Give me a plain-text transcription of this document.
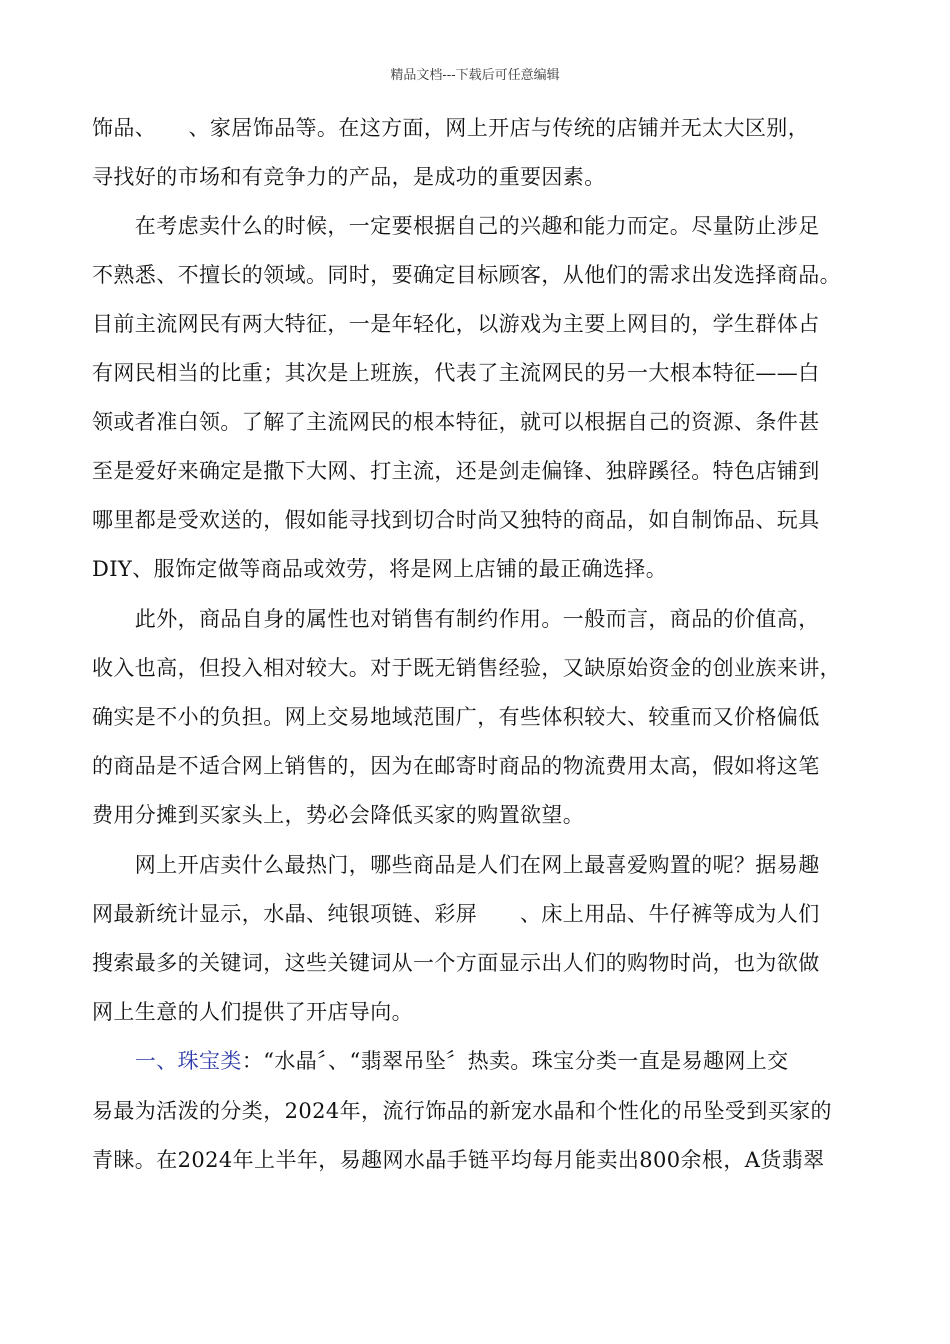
精品文档---下载后可任意编辑
饰品、　　、家居饰品等。在这方面，网上开店与传统的店铺并无太大区别，
寻找好的市场和有竞争力的产品，是成功的重要因素。
　　在考虑卖什么的时候，一定要根据自己的兴趣和能力而定。尽量防止涉足
不熟悉、不擅长的领域。同时，要确定目标顾客，从他们的需求出发选择商品。
目前主流网民有两大特征，一是年轻化，以游戏为主要上网目的，学生群体占
有网民相当的比重；其次是上班族，代表了主流网民的另一大根本特征——白
领或者准白领。了解了主流网民的根本特征，就可以根据自己的资源、条件甚
至是爱好来确定是撒下大网、打主流，还是剑走偏锋、独辟蹊径。特色店铺到
哪里都是受欢送的，假如能寻找到切合时尚又独特的商品，如自制饰品、玩具
DIY、服饰定做等商品或效劳，将是网上店铺的最正确选择。
　　此外，商品自身的属性也对销售有制约作用。一般而言，商品的价值高，
收入也高，但投入相对较大。对于既无销售经验，又缺原始资金的创业族来讲，
确实是不小的负担。网上交易地域范围广，有些体积较大、较重而又价格偏低
的商品是不适合网上销售的，因为在邮寄时商品的物流费用太高，假如将这笔
费用分摊到买家头上，势必会降低买家的购置欲望。
　　网上开店卖什么最热门，哪些商品是人们在网上最喜爱购置的呢？据易趣
网最新统计显示，水晶、纯银项链、彩屏　　、床上用品、牛仔裤等成为人们
搜索最多的关键词，这些关键词从一个方面显示出人们的购物时尚，也为欲做
网上生意的人们提供了开店导向。
　　一、珠宝类：“水晶〞、“翡翠吊坠〞热卖。珠宝分类一直是易趣网上交
易最为活泼的分类，2024年，流行饰品的新宠水晶和个性化的吊坠受到买家的
青睐。在2024年上半年，易趣网水晶手链平均每月能卖出800余根，A货翡翠
